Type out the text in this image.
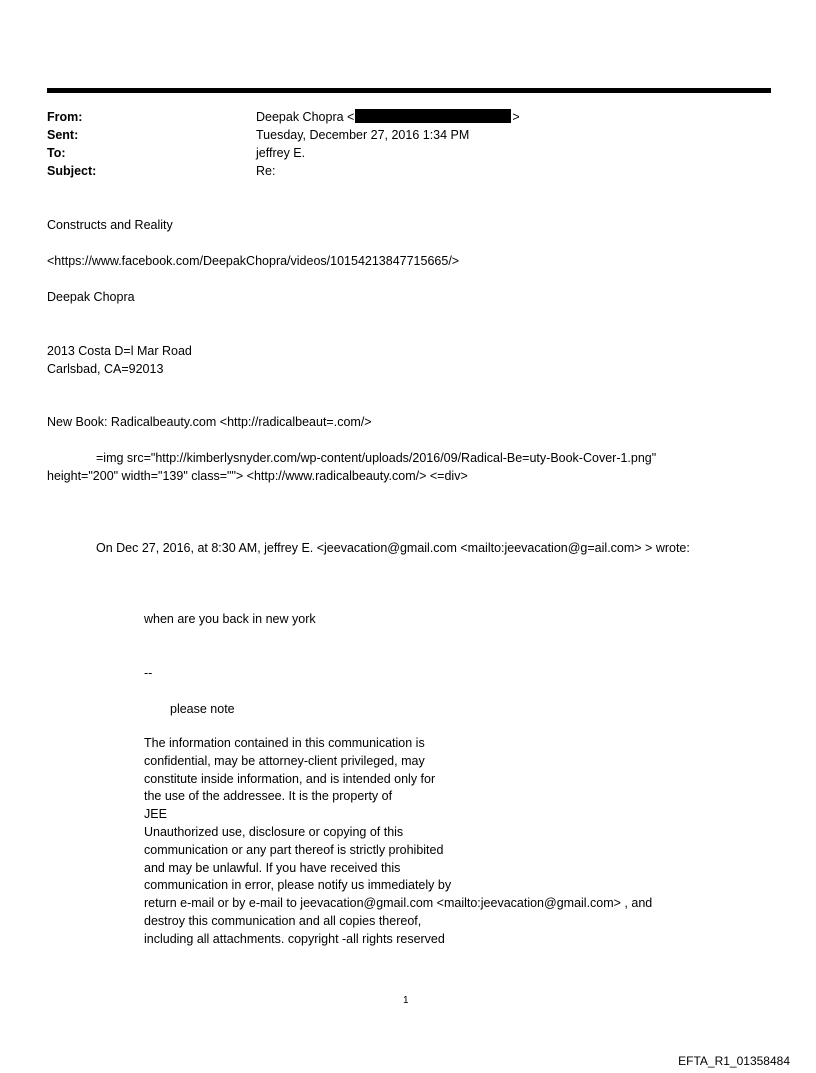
From:	Deepak Chopra <	>
Sent:	Tuesday, December 27, 2016 1:34 PM
To:	jeffrey E.
Subject:	Re:
Constructs and Reality
<https://www.facebook.com/DeepakChopra/videos/10154213847715665/>
Deepak Chopra
2013 Costa D=l Mar Road
Carlsbad, CA=92013
New Book: Radicalbeauty.com <http://radicalbeaut=.com/>
=img src="http://kimberlysnyder.com/wp-content/uploads/2016/09/Radical-Be=uty-Book-Cover-1.png"
height="200" width="139" class=""> <http://www.radicalbeauty.com/> <=div>
On Dec 27, 2016, at 8:30 AM, jeffrey E. <jeevacation@gmail.com <mailto:jeevacation@g=ail.com> > wrote:
when are you back in new york
--
please note
The information contained in this communication is
confidential, may be attorney-client privileged, may
constitute inside information, and is intended only for
the use of the addressee. It is the property of
JEE
Unauthorized use, disclosure or copying of this
communication or any part thereof is strictly prohibited
and may be unlawful. If you have received this
communication in error, please notify us immediately by
return e-mail or by e-mail to jeevacation@gmail.com <mailto:jeevacation@gmail.com> , and
destroy this communication and all copies thereof,
including all attachments. copyright -all rights reserved
1
EFTA_R1_01358484
